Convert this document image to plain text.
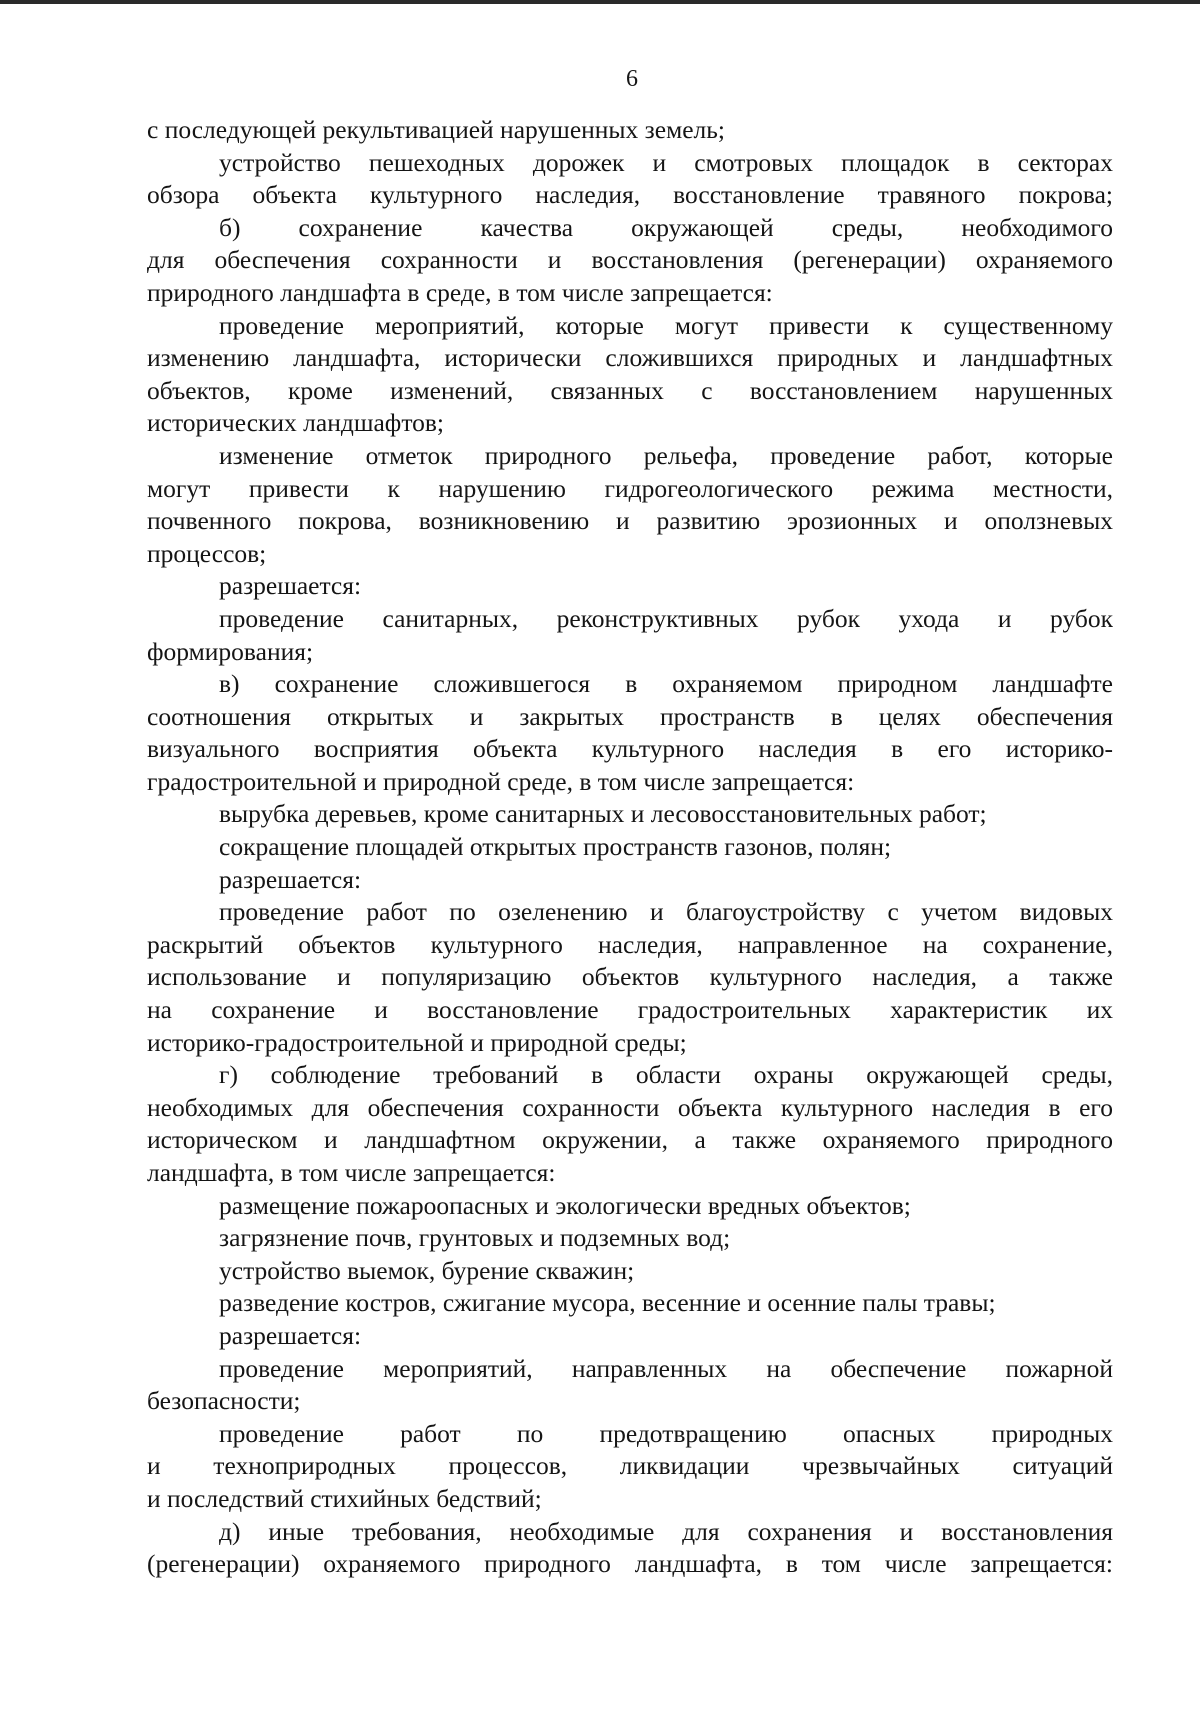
6
с последующей рекультивацией нарушенных земель;
устройство пешеходных дорожек и смотровых площадок в секторах
обзора объекта культурного наследия, восстановление травяного покрова;
б) сохранение качества окружающей среды, необходимого
для обеспечения сохранности и восстановления (регенерации) охраняемого
природного ландшафта в среде, в том числе запрещается:
проведение мероприятий, которые могут привести к существенному
изменению ландшафта, исторически сложившихся природных и ландшафтных
объектов, кроме изменений, связанных с восстановлением нарушенных
исторических ландшафтов;
изменение отметок природного рельефа, проведение работ, которые
могут привести к нарушению гидрогеологического режима местности,
почвенного покрова, возникновению и развитию эрозионных и оползневых
процессов;
разрешается:
проведение санитарных, реконструктивных рубок ухода и рубок
формирования;
в) сохранение сложившегося в охраняемом природном ландшафте
соотношения открытых и закрытых пространств в целях обеспечения
визуального восприятия объекта культурного наследия в его историко-
градостроительной и природной среде, в том числе запрещается:
вырубка деревьев, кроме санитарных и лесовосстановительных работ;
сокращение площадей открытых пространств газонов, полян;
разрешается:
проведение работ по озеленению и благоустройству с учетом видовых
раскрытий объектов культурного наследия, направленное на сохранение,
использование и популяризацию объектов культурного наследия, а также
на сохранение и восстановление градостроительных характеристик их
историко-градостроительной и природной среды;
г) соблюдение требований в области охраны окружающей среды,
необходимых для обеспечения сохранности объекта культурного наследия в его
историческом и ландшафтном окружении, а также охраняемого природного
ландшафта, в том числе запрещается:
размещение пожароопасных и экологически вредных объектов;
загрязнение почв, грунтовых и подземных вод;
устройство выемок, бурение скважин;
разведение костров, сжигание мусора, весенние и осенние палы травы;
разрешается:
проведение мероприятий, направленных на обеспечение пожарной
безопасности;
проведение работ по предотвращению опасных природных
и технoприродных процессов, ликвидации чрезвычайных ситуаций
и последствий стихийных бедствий;
д) иные требования, необходимые для сохранения и восстановления
(регенерации) охраняемого природного ландшафта, в том числе запрещается:
